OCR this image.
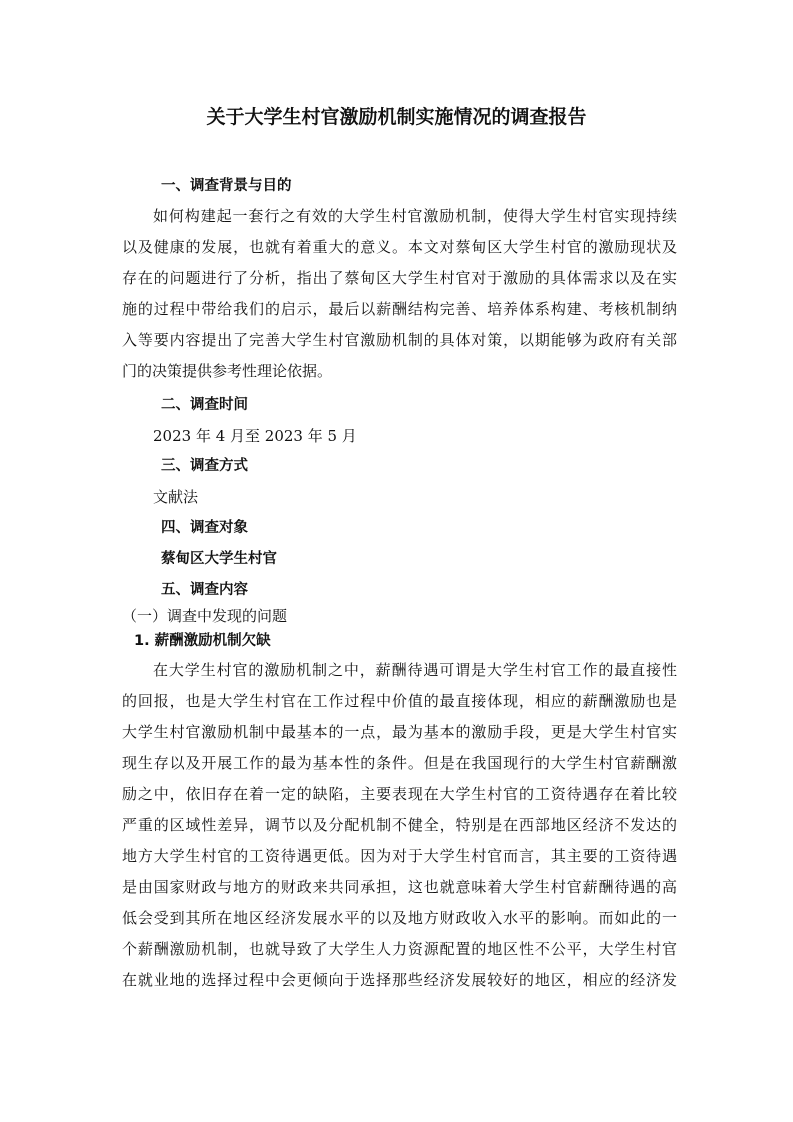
关于大学生村官激励机制实施情况的调查报告
一、调查背景与目的
如何构建起一套行之有效的大学生村官激励机制，使得大学生村官实现持续
以及健康的发展，也就有着重大的意义。本文对蔡甸区大学生村官的激励现状及
存在的问题进行了分析，指出了蔡甸区大学生村官对于激励的具体需求以及在实
施的过程中带给我们的启示，最后以薪酬结构完善、培养体系构建、考核机制纳
入等要内容提出了完善大学生村官激励机制的具体对策，以期能够为政府有关部
门的决策提供参考性理论依据。
二、调查时间
2023 年 4 月至 2023 年 5 月
三、调查方式
文献法
四、调查对象
蔡甸区大学生村官
五、调查内容
（一）调查中发现的问题
1. 薪酬激励机制欠缺
在大学生村官的激励机制之中，薪酬待遇可谓是大学生村官工作的最直接性
的回报，也是大学生村官在工作过程中价值的最直接体现，相应的薪酬激励也是
大学生村官激励机制中最基本的一点，最为基本的激励手段，更是大学生村官实
现生存以及开展工作的最为基本性的条件。但是在我国现行的大学生村官薪酬激
励之中，依旧存在着一定的缺陷，主要表现在大学生村官的工资待遇存在着比较
严重的区域性差异，调节以及分配机制不健全，特别是在西部地区经济不发达的
地方大学生村官的工资待遇更低。因为对于大学生村官而言，其主要的工资待遇
是由国家财政与地方的财政来共同承担，这也就意味着大学生村官薪酬待遇的高
低会受到其所在地区经济发展水平的以及地方财政收入水平的影响。而如此的一
个薪酬激励机制，也就导致了大学生人力资源配置的地区性不公平，大学生村官
在就业地的选择过程中会更倾向于选择那些经济发展较好的地区，相应的经济发
